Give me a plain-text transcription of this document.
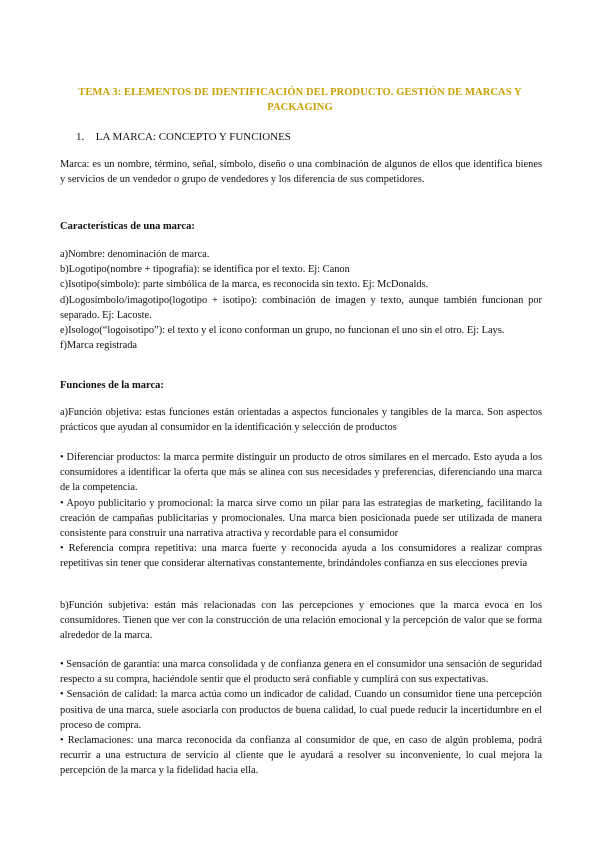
TEMA 3: ELEMENTOS DE IDENTIFICACIÓN DEL PRODUCTO. GESTIÓN DE MARCAS Y
PACKAGING
1. LA MARCA: CONCEPTO Y FUNCIONES
Marca: es un nombre, término, señal, símbolo, diseño o una combinación de algunos de ellos que identifica bienes y servicios de un vendedor o grupo de vendedores y los diferencia de sus competidores.
Características de una marca:
a)Nombre: denominación de marca.
b)Logotipo(nombre + tipografía): se identifica por el texto. Ej: Canon
c)Isotipo(símbolo): parte simbólica de la marca, es reconocida sin texto. Ej: McDonalds.
d)Logosímbolo/imagotipo(logotipo + isotipo): combinación de imagen y texto, aunque también funcionan por separado. Ej: Lacoste.
e)Isologo(“logoisotipo”): el texto y el icono conforman un grupo, no funcionan el uno sin el otro. Ej: Lays.
f)Marca registrada
Funciones de la marca:
a)Función objetiva: estas funciones están orientadas a aspectos funcionales y tangibles de la marca. Son aspectos prácticos que ayudan al consumidor en la identificación y selección de productos
• Diferenciar productos: la marca permite distinguir un producto de otros similares en el mercado. Esto ayuda a los consumidores a identificar la oferta que más se alinea con sus necesidades y preferencias, diferenciando una marca de la competencia.
• Apoyo publicitario y promocional: la marca sirve como un pilar para las estrategias de marketing, facilitando la creación de campañas publicitarias y promocionales. Una marca bien posicionada puede ser utilizada de manera consistente para construir una narrativa atractiva y recordable para el consumidor
• Referencia compra repetitiva: una marca fuerte y reconocida ayuda a los consumidores a realizar compras repetitivas sin tener que considerar alternativas constantemente, brindándoles confianza en sus elecciones previa
b)Función subjetiva: están más relacionadas con las percepciones y emociones que la marca evoca en los consumidores. Tienen que ver con la construcción de una relación emocional y la percepción de valor que se forma alrededor de la marca.
• Sensación de garantía: una marca consolidada y de confianza genera en el consumidor una sensación de seguridad respecto a su compra, haciéndole sentir que el producto será confiable y cumplirá con sus expectativas.
• Sensación de calidad: la marca actúa como un indicador de calidad. Cuando un consumidor tiene una percepción positiva de una marca, suele asociarla con productos de buena calidad, lo cual puede reducir la incertidumbre en el proceso de compra.
• Reclamaciones: una marca reconocida da confianza al consumidor de que, en caso de algún problema, podrá recurrir a una estructura de servicio al cliente que le ayudará a resolver su inconveniente, lo cual mejora la percepción de la marca y la fidelidad hacia ella.
